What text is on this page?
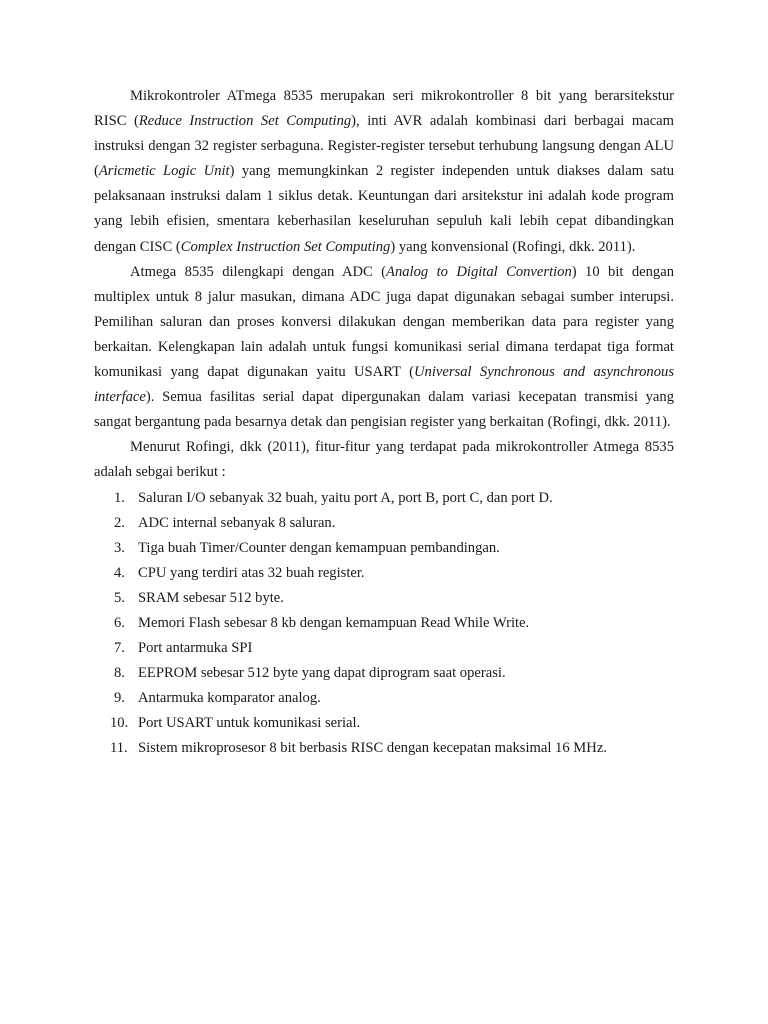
Mikrokontroler ATmega 8535 merupakan seri mikrokontroller 8 bit yang berarsitekstur RISC (Reduce Instruction Set Computing), inti AVR adalah kombinasi dari berbagai macam instruksi dengan 32 register serbaguna. Register-register tersebut terhubung langsung dengan ALU (Aricmetic Logic Unit) yang memungkinkan 2 register independen untuk diakses dalam satu pelaksanaan instruksi dalam 1 siklus detak. Keuntungan dari arsitekstur ini adalah kode program yang lebih efisien, smentara keberhasilan keseluruhan sepuluh kali lebih cepat dibandingkan dengan CISC (Complex Instruction Set Computing) yang konvensional (Rofingi, dkk. 2011).

Atmega 8535 dilengkapi dengan ADC (Analog to Digital Convertion) 10 bit dengan multiplex untuk 8 jalur masukan, dimana ADC juga dapat digunakan sebagai sumber interupsi. Pemilihan saluran dan proses konversi dilakukan dengan memberikan data para register yang berkaitan. Kelengkapan lain adalah untuk fungsi komunikasi serial dimana terdapat tiga format komunikasi yang dapat digunakan yaitu USART (Universal Synchronous and asynchronous interface). Semua fasilitas serial dapat dipergunakan dalam variasi kecepatan transmisi yang sangat bergantung pada besarnya detak dan pengisian register yang berkaitan (Rofingi, dkk. 2011).

Menurut Rofingi, dkk (2011), fitur-fitur yang terdapat pada mikrokontroller Atmega 8535 adalah sebgai berikut :

1. Saluran I/O sebanyak 32 buah, yaitu port A, port B, port C, dan port D.
2. ADC internal sebanyak 8 saluran.
3. Tiga buah Timer/Counter dengan kemampuan pembandingan.
4. CPU yang terdiri atas 32 buah register.
5. SRAM sebesar 512 byte.
6. Memori Flash sebesar 8 kb dengan kemampuan Read While Write.
7. Port antarmuka SPI
8. EEPROM sebesar 512 byte yang dapat diprogram saat operasi.
9. Antarmuka komparator analog.
10. Port USART untuk komunikasi serial.
11. Sistem mikroprosesor 8 bit berbasis RISC dengan kecepatan maksimal 16 MHz.
